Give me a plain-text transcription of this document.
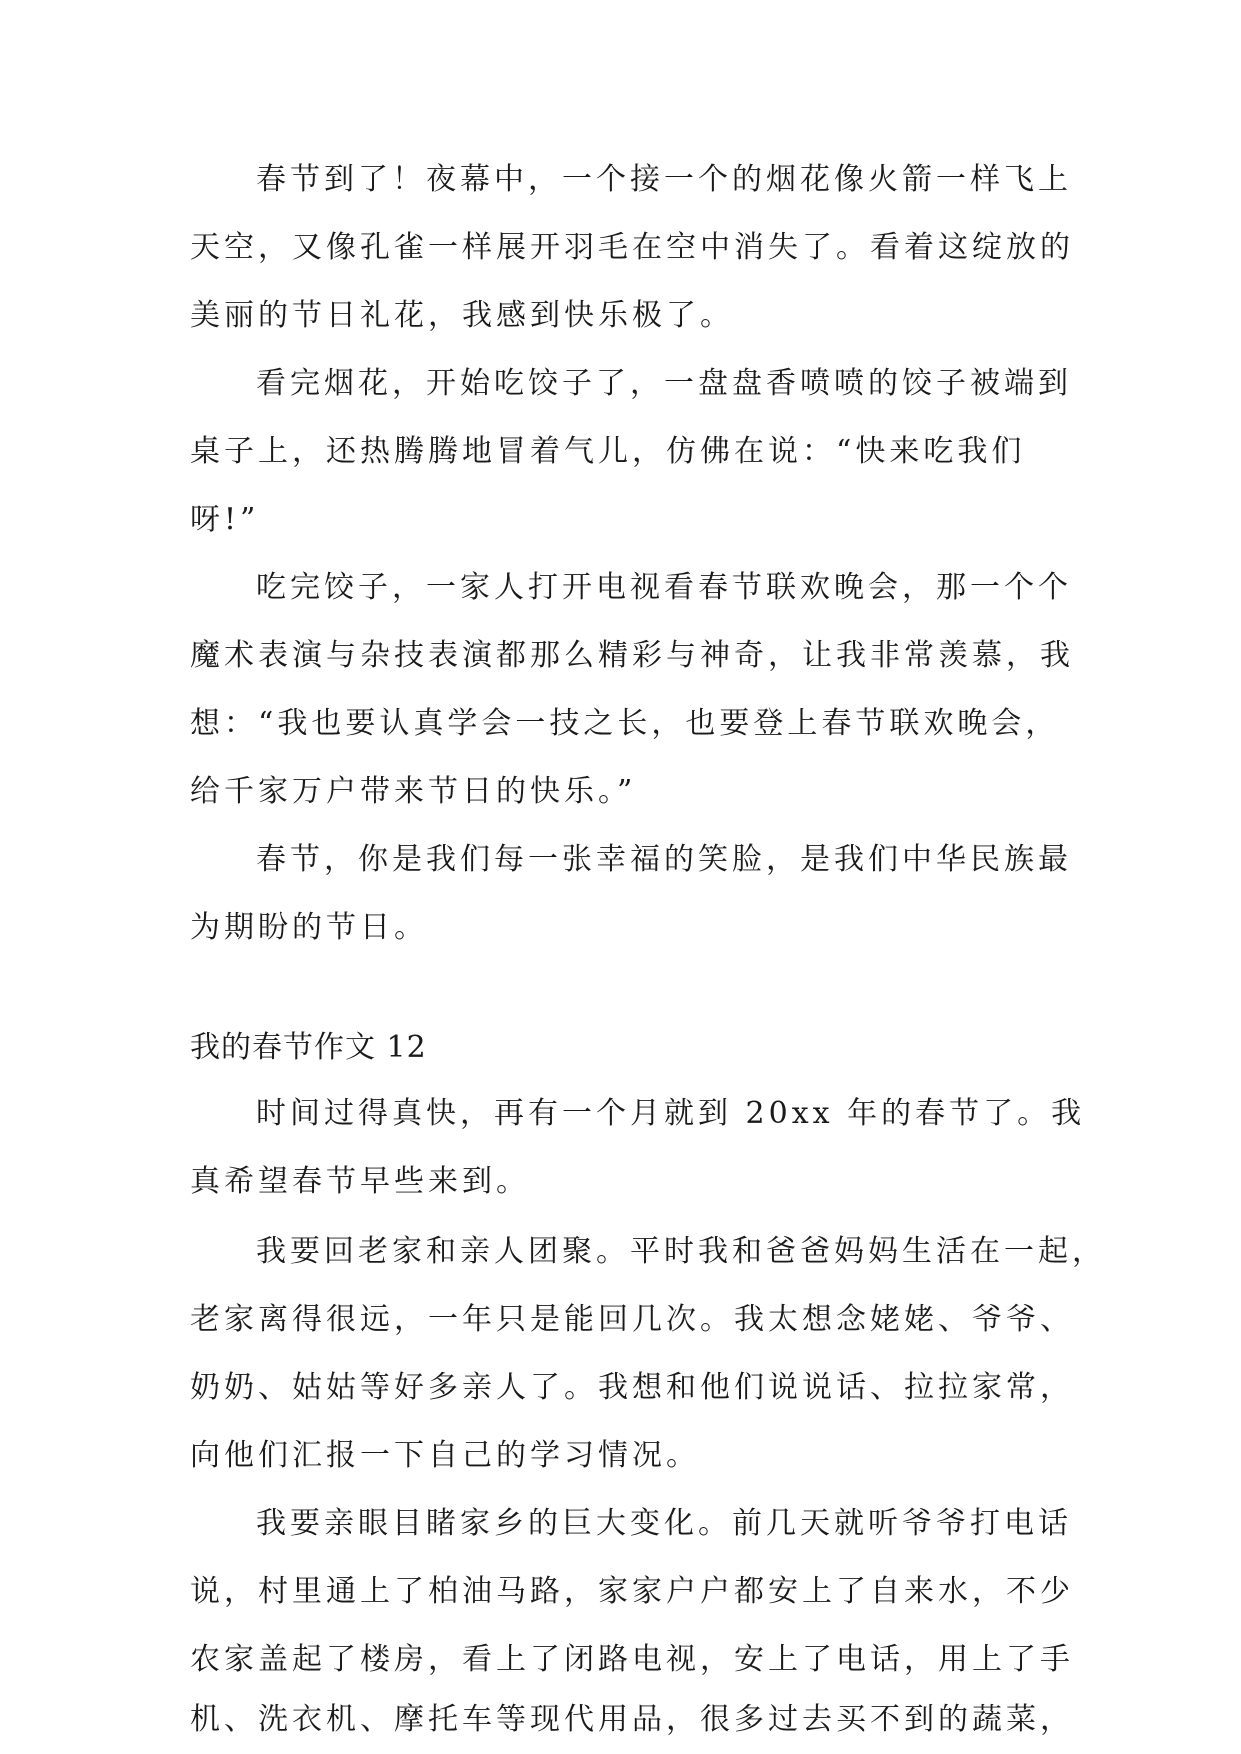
春节到了！夜幕中，一个接一个的烟花像火箭一样飞上
天空，又像孔雀一样展开羽毛在空中消失了。看着这绽放的
美丽的节日礼花，我感到快乐极了。
看完烟花，开始吃饺子了，一盘盘香喷喷的饺子被端到
桌子上，还热腾腾地冒着气儿，仿佛在说：“快来吃我们
呀!”
吃完饺子，一家人打开电视看春节联欢晚会，那一个个
魔术表演与杂技表演都那么精彩与神奇，让我非常羡慕，我
想：“我也要认真学会一技之长，也要登上春节联欢晚会，
给千家万户带来节日的快乐。”
春节，你是我们每一张幸福的笑脸，是我们中华民族最
为期盼的节日。
我的春节作文 12
时间过得真快，再有一个月就到 20xx 年的春节了。我
真希望春节早些来到。
我要回老家和亲人团聚。平时我和爸爸妈妈生活在一起，
老家离得很远，一年只是能回几次。我太想念姥姥、爷爷、
奶奶、姑姑等好多亲人了。我想和他们说说话、拉拉家常，
向他们汇报一下自己的学习情况。
我要亲眼目睹家乡的巨大变化。前几天就听爷爷打电话
说，村里通上了柏油马路，家家户户都安上了自来水，不少
农家盖起了楼房，看上了闭路电视，安上了电话，用上了手
机、洗衣机、摩托车等现代用品，很多过去买不到的蔬菜，
